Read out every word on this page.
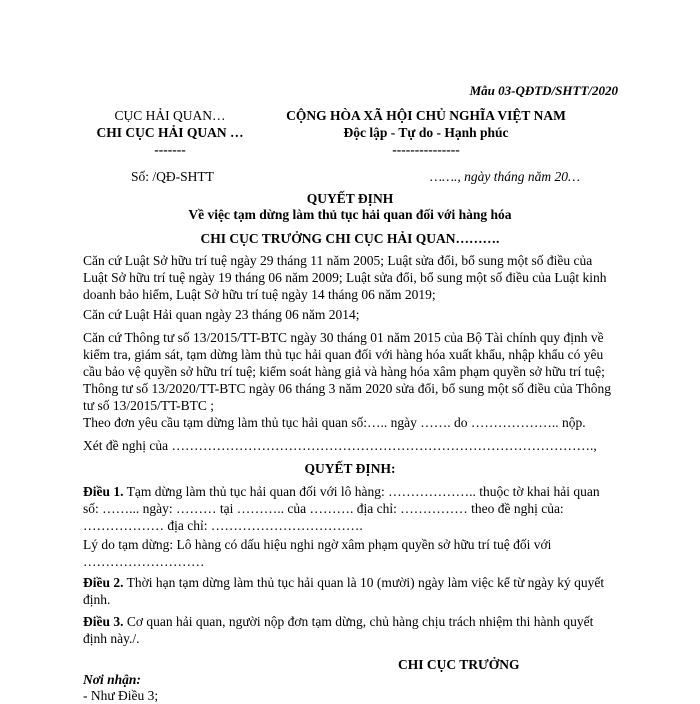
Mẫu 03-QĐTD/SHTT/2020
CỤC HẢI QUAN…
CHI CỤC HẢI QUAN …
-------
CỘNG HÒA XÃ HỘI CHỦ NGHĨA VIỆT NAM
Độc lập - Tự do - Hạnh phúc
---------------
Số: /QĐ-SHTT	……., ngày tháng năm 20…
QUYẾT ĐỊNH
Về việc tạm dừng làm thủ tục hải quan đối với hàng hóa
CHI CỤC TRƯỞNG CHI CỤC HẢI QUAN……….
Căn cứ Luật Sở hữu trí tuệ ngày 29 tháng 11 năm 2005; Luật sửa đổi, bổ sung một số điều của Luật Sở hữu trí tuệ ngày 19 tháng 06 năm 2009; Luật sửa đổi, bổ sung một số điều của Luật kinh doanh bảo hiểm, Luật Sở hữu trí tuệ ngày 14 tháng 06 năm 2019;
Căn cứ Luật Hải quan ngày 23 tháng 06 năm 2014;
Căn cứ Thông tư số 13/2015/TT-BTC ngày 30 tháng 01 năm 2015 của Bộ Tài chính quy định về kiểm tra, giám sát, tạm dừng làm thủ tục hải quan đối với hàng hóa xuất khẩu, nhập khẩu có yêu cầu bảo vệ quyền sở hữu trí tuệ; kiểm soát hàng giả và hàng hóa xâm phạm quyền sở hữu trí tuệ; Thông tư số 13/2020/TT-BTC ngày 06 tháng 3 năm 2020 sửa đổi, bổ sung một số điều của Thông tư số 13/2015/TT-BTC ;
Theo đơn yêu cầu tạm dừng làm thủ tục hải quan số:….. ngày ……. do ……………….. nộp.
Xét đề nghị của ………………………………………………………………………………….,
QUYẾT ĐỊNH:
Điều 1. Tạm dừng làm thủ tục hải quan đối với lô hàng: ……………….. thuộc tờ khai hải quan số: ……... ngày: ……… tại ……….. của ………. địa chỉ: …………… theo đề nghị của: ……………… địa chỉ: …………………………….
Lý do tạm dừng: Lô hàng có dấu hiệu nghi ngờ xâm phạm quyền sở hữu trí tuệ đối với ………………………
Điều 2. Thời hạn tạm dừng làm thủ tục hải quan là 10 (mười) ngày làm việc kể từ ngày ký quyết định.
Điều 3. Cơ quan hải quan, người nộp đơn tạm dừng, chủ hàng chịu trách nhiệm thi hành quyết định này./.
Nơi nhận:
- Như Điều 3;
CHI CỤC TRƯỞNG
